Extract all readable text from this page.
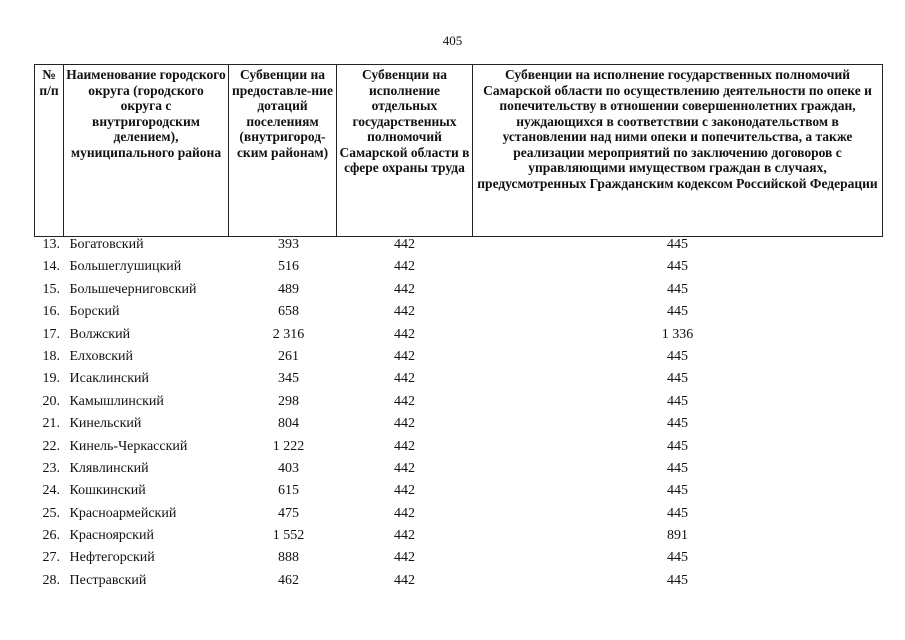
405
№
п/п	Наименование городского округа (городского округа с внутригородским делением), муниципального района	Субвенции на предоставле-ние дотаций поселениям (внутригород-ским районам)	Субвенции на исполнение отдельных государственных полномочий Самарской области в сфере охраны труда	Субвенции на исполнение государственных полномочий Самарской области по осуществлению деятельности по опеке и попечительству в отношении совершеннолетних граждан, нуждающихся в соответствии с законодательством в установлении над ними опеки и попечительства, а также реализации мероприятий по заключению договоров с управляющими имуществом граждан в случаях, предусмотренных Гражданским кодексом Российской Федерации
13.	Богатовский	393	442	445
14.	Большеглушицкий	516	442	445
15.	Большечерниговский	489	442	445
16.	Борский	658	442	445
17.	Волжский	2 316	442	1 336
18.	Елховский	261	442	445
19.	Исаклинский	345	442	445
20.	Камышлинский	298	442	445
21.	Кинельский	804	442	445
22.	Кинель-Черкасский	1 222	442	445
23.	Клявлинский	403	442	445
24.	Кошкинский	615	442	445
25.	Красноармейский	475	442	445
26.	Красноярский	1 552	442	891
27.	Нефтегорский	888	442	445
28.	Пестравский	462	442	445
